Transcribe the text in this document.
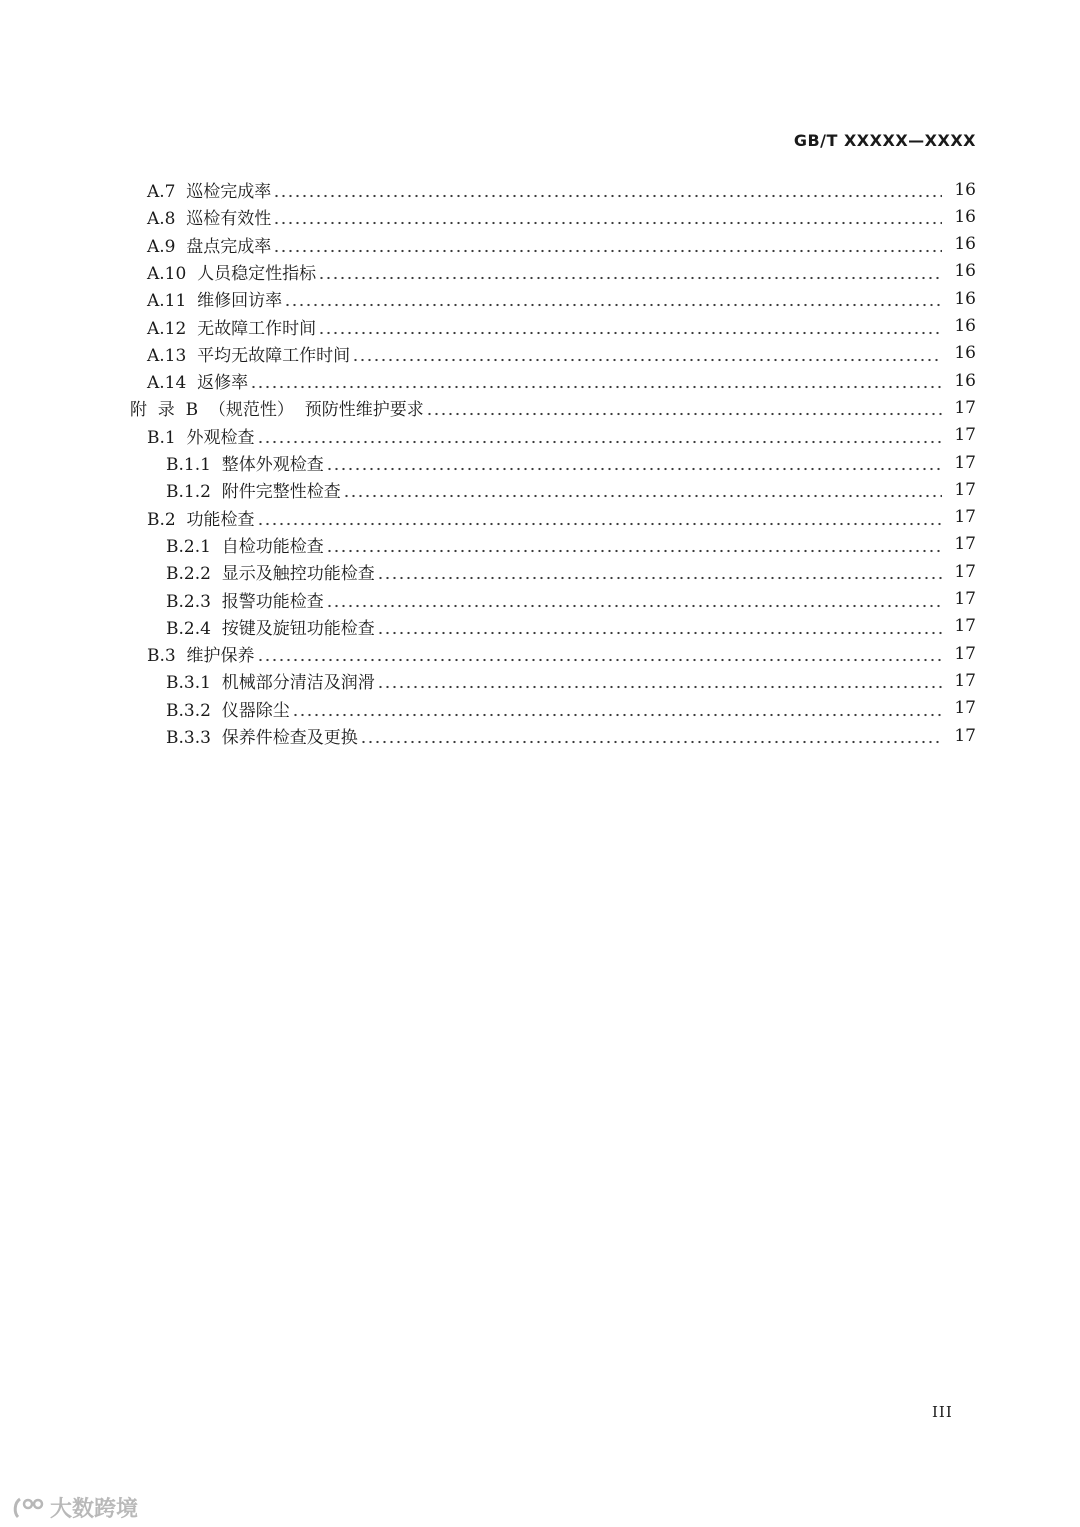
GB/T XXXXX—XXXX
A.7  巡检完成率	16
A.8  巡检有效性	16
A.9  盘点完成率	16
A.10  人员稳定性指标	16
A.11  维修回访率	16
A.12  无故障工作时间	16
A.13  平均无故障工作时间	16
A.14  返修率	16
附  录  B  （规范性）  预防性维护要求	17
B.1  外观检查	17
B.1.1  整体外观检查	17
B.1.2  附件完整性检查	17
B.2  功能检查	17
B.2.1  自检功能检查	17
B.2.2  显示及触控功能检查	17
B.2.3  报警功能检查	17
B.2.4  按键及旋钮功能检查	17
B.3  维护保养	17
B.3.1  机械部分清洁及润滑	17
B.3.2  仪器除尘	17
B.3.3  保养件检查及更换	17
III
大数跨境
